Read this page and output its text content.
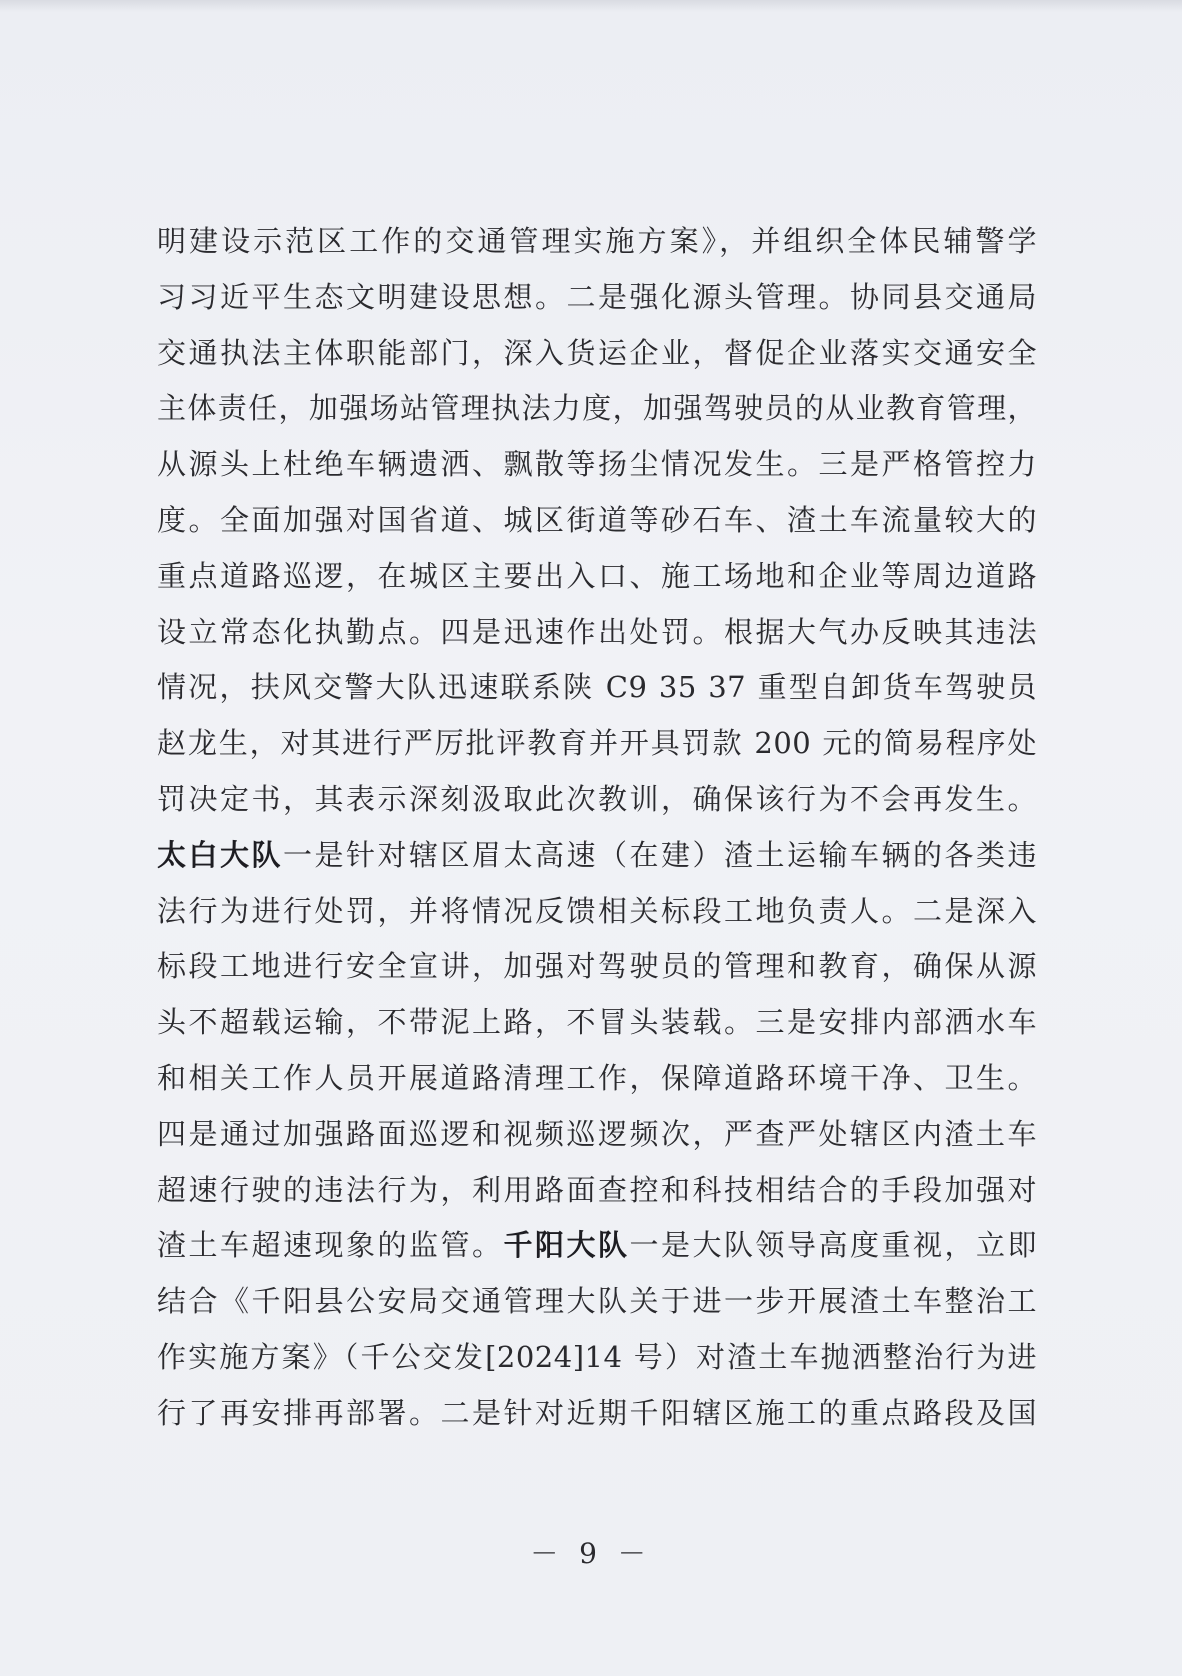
明建设示范区工作的交通管理实施方案》，并组织全体民辅警学
习习近平生态文明建设思想。二是强化源头管理。协同县交通局
交通执法主体职能部门，深入货运企业，督促企业落实交通安全
主体责任，加强场站管理执法力度，加强驾驶员的从业教育管理，
从源头上杜绝车辆遗洒、飘散等扬尘情况发生。三是严格管控力
度。全面加强对国省道、城区街道等砂石车、渣土车流量较大的
重点道路巡逻，在城区主要出入口、施工场地和企业等周边道路
设立常态化执勤点。四是迅速作出处罚。根据大气办反映其违法
情况，扶风交警大队迅速联系陕 C9 35 37 重型自卸货车驾驶员
赵龙生，对其进行严厉批评教育并开具罚款 200 元的简易程序处
罚决定书，其表示深刻汲取此次教训，确保该行为不会再发生。
太白大队一是针对辖区眉太高速（在建）渣土运输车辆的各类违
法行为进行处罚，并将情况反馈相关标段工地负责人。二是深入
标段工地进行安全宣讲，加强对驾驶员的管理和教育，确保从源
头不超载运输，不带泥上路，不冒头装载。三是安排内部洒水车
和相关工作人员开展道路清理工作，保障道路环境干净、卫生。
四是通过加强路面巡逻和视频巡逻频次，严查严处辖区内渣土车
超速行驶的违法行为，利用路面查控和科技相结合的手段加强对
渣土车超速现象的监管。千阳大队一是大队领导高度重视，立即
结合《千阳县公安局交通管理大队关于进一步开展渣土车整治工
作实施方案》（千公交发[2024]14 号）对渣土车抛洒整治行为进
行了再安排再部署。二是针对近期千阳辖区施工的重点路段及国
－ 9 －
